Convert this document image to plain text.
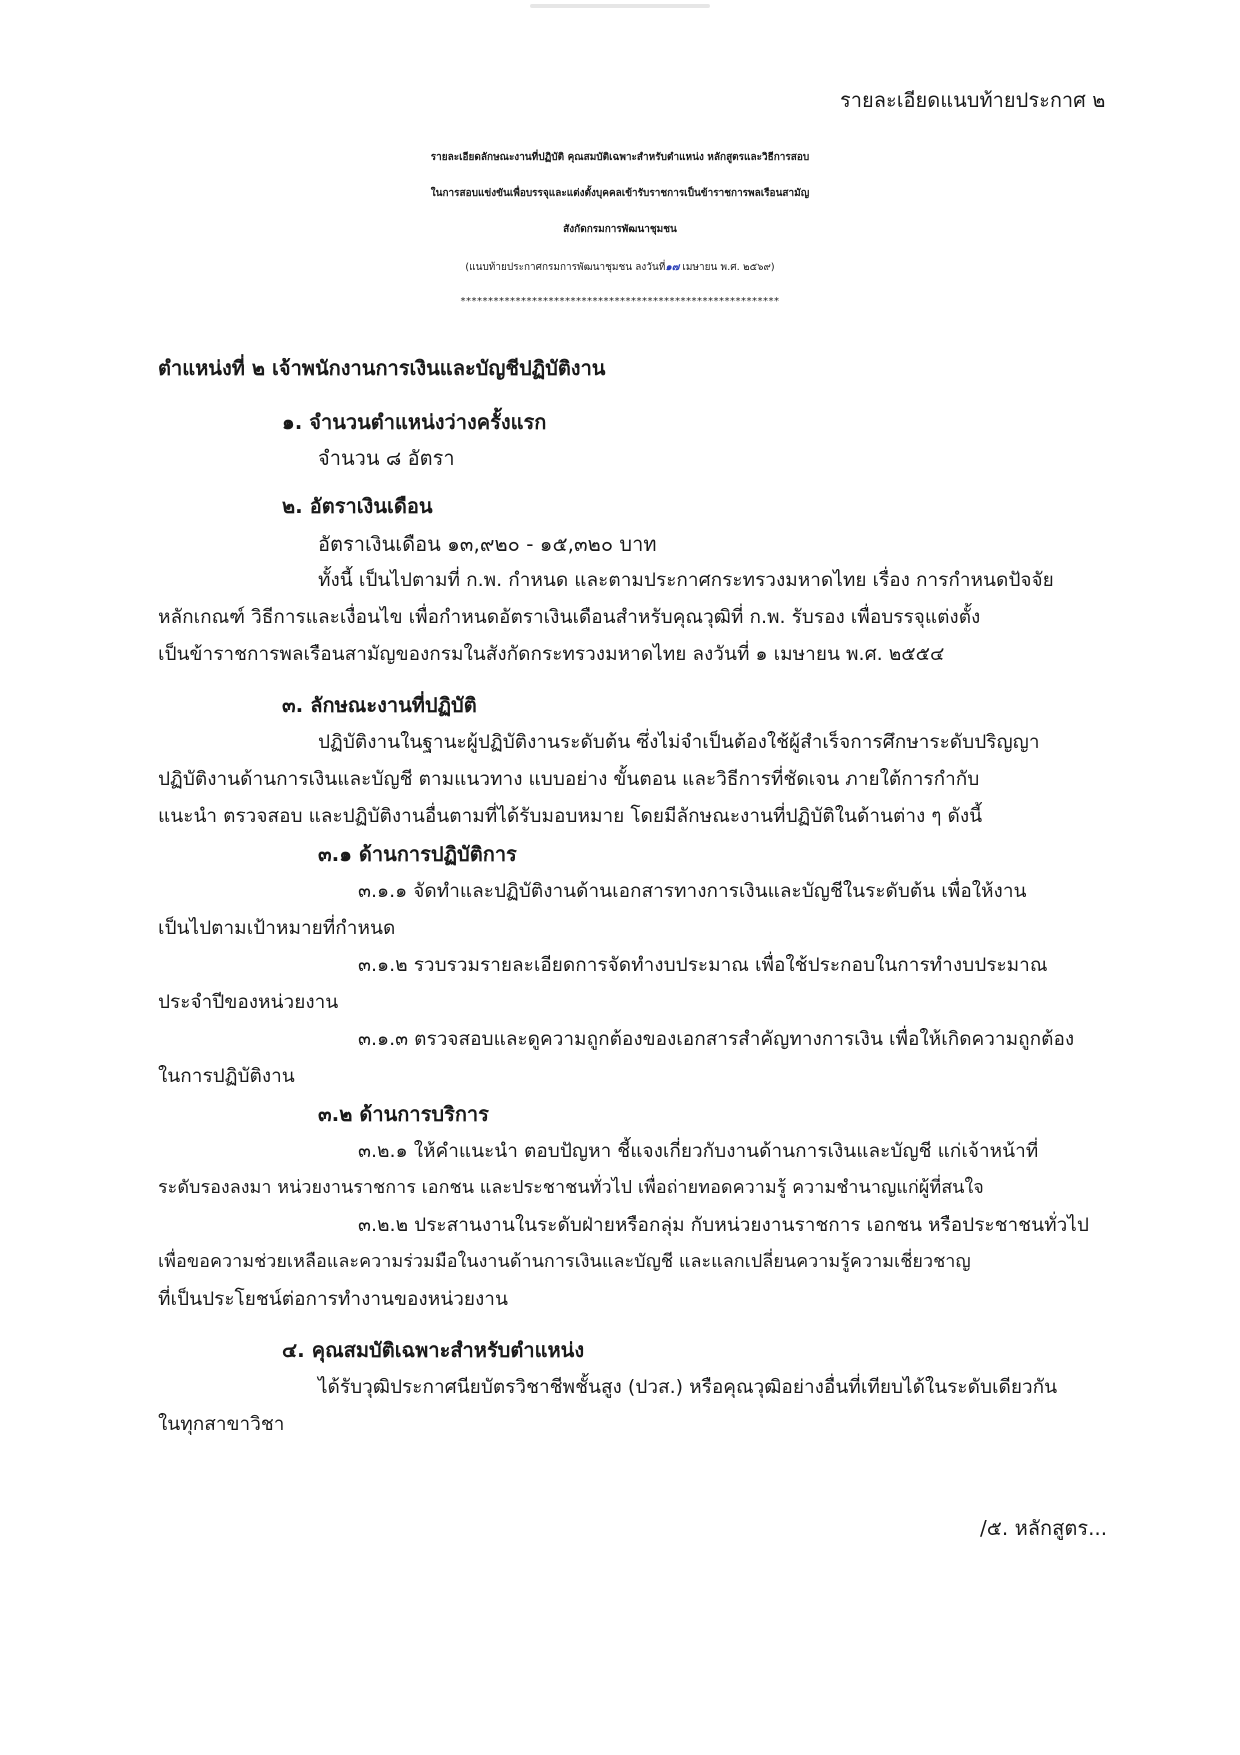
รายละเอียดแนบท้ายประกาศ ๒
รายละเอียดลักษณะงานที่ปฏิบัติ คุณสมบัติเฉพาะสำหรับตำแหน่ง หลักสูตรและวิธีการสอบ
ในการสอบแข่งขันเพื่อบรรจุและแต่งตั้งบุคคลเข้ารับราชการเป็นข้าราชการพลเรือนสามัญ
สังกัดกรมการพัฒนาชุมชน
(แนบท้ายประกาศกรมการพัฒนาชุมชน ลงวันที่๑๗ เมษายน พ.ศ. ๒๕๖๙)
**********************************************************
ตำแหน่งที่ ๒ เจ้าพนักงานการเงินและบัญชีปฏิบัติงาน
๑. จำนวนตำแหน่งว่างครั้งแรก
จำนวน ๘ อัตรา
๒. อัตราเงินเดือน
อัตราเงินเดือน ๑๓,๙๒๐ - ๑๕,๓๒๐ บาท
ทั้งนี้ เป็นไปตามที่ ก.พ. กำหนด และตามประกาศกระทรวงมหาดไทย เรื่อง การกำหนดปัจจัย
หลักเกณฑ์ วิธีการและเงื่อนไข เพื่อกำหนดอัตราเงินเดือนสำหรับคุณวุฒิที่ ก.พ. รับรอง เพื่อบรรจุแต่งตั้ง
เป็นข้าราชการพลเรือนสามัญของกรมในสังกัดกระทรวงมหาดไทย ลงวันที่ ๑ เมษายน พ.ศ. ๒๕๕๔
๓. ลักษณะงานที่ปฏิบัติ
ปฏิบัติงานในฐานะผู้ปฏิบัติงานระดับต้น ซึ่งไม่จำเป็นต้องใช้ผู้สำเร็จการศึกษาระดับปริญญา
ปฏิบัติงานด้านการเงินและบัญชี ตามแนวทาง แบบอย่าง ขั้นตอน และวิธีการที่ชัดเจน ภายใต้การกำกับ
แนะนำ ตรวจสอบ และปฏิบัติงานอื่นตามที่ได้รับมอบหมาย โดยมีลักษณะงานที่ปฏิบัติในด้านต่าง ๆ ดังนี้
๓.๑ ด้านการปฏิบัติการ
๓.๑.๑ จัดทำและปฏิบัติงานด้านเอกสารทางการเงินและบัญชีในระดับต้น เพื่อให้งาน
เป็นไปตามเป้าหมายที่กำหนด
๓.๑.๒ รวบรวมรายละเอียดการจัดทำงบประมาณ เพื่อใช้ประกอบในการทำงบประมาณ
ประจำปีของหน่วยงาน
๓.๑.๓ ตรวจสอบและดูความถูกต้องของเอกสารสำคัญทางการเงิน เพื่อให้เกิดความถูกต้อง
ในการปฏิบัติงาน
๓.๒ ด้านการบริการ
๓.๒.๑ ให้คำแนะนำ ตอบปัญหา ชี้แจงเกี่ยวกับงานด้านการเงินและบัญชี แก่เจ้าหน้าที่
ระดับรองลงมา หน่วยงานราชการ เอกชน และประชาชนทั่วไป เพื่อถ่ายทอดความรู้ ความชำนาญแก่ผู้ที่สนใจ
๓.๒.๒ ประสานงานในระดับฝ่ายหรือกลุ่ม กับหน่วยงานราชการ เอกชน หรือประชาชนทั่วไป
เพื่อขอความช่วยเหลือและความร่วมมือในงานด้านการเงินและบัญชี และแลกเปลี่ยนความรู้ความเชี่ยวชาญ
ที่เป็นประโยชน์ต่อการทำงานของหน่วยงาน
๔. คุณสมบัติเฉพาะสำหรับตำแหน่ง
ได้รับวุฒิประกาศนียบัตรวิชาชีพชั้นสูง (ปวส.) หรือคุณวุฒิอย่างอื่นที่เทียบได้ในระดับเดียวกัน
ในทุกสาขาวิชา
/๕. หลักสูตร...
